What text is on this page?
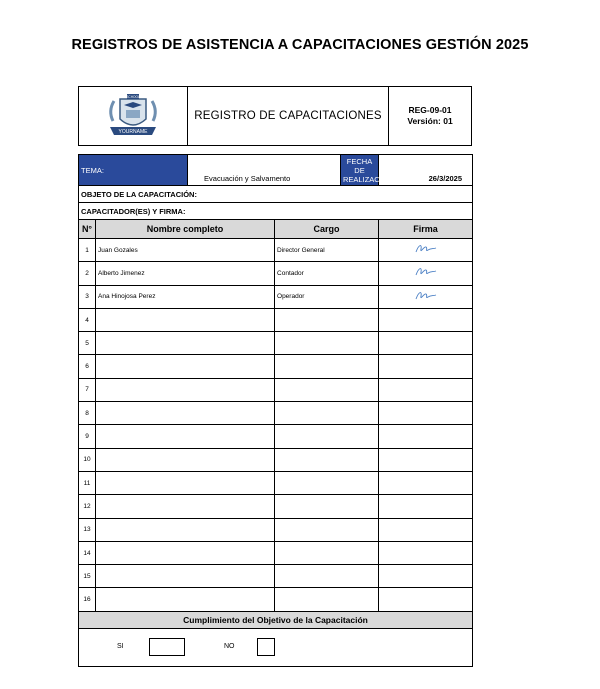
REGISTROS DE ASISTENCIA A CAPACITACIONES GESTIÓN 2025
YOURNAME
SCHOOL
REGISTRO DE CAPACITACIONES	REG-09-01
Versión: 01
TEMA:		Evacuación y Salvamento		FECHA DE REALIZACIÓN:	26/3/2025
OBJETO DE LA CAPACITACIÓN:					
CAPACITADOR(ES) Y FIRMA:					
N°	Nombre completo		Cargo		Firma
1	Juan Gozales		Director General	
2	Alberto Jimenez		Contador	
3	Ana Hinojosa Perez		Operador	
4					
5					
6					
7					
8					
9					
10					
11					
12					
13					
14					
15					
16					
Cumplimiento del Objetivo de la Capacitación					

SI NO					
